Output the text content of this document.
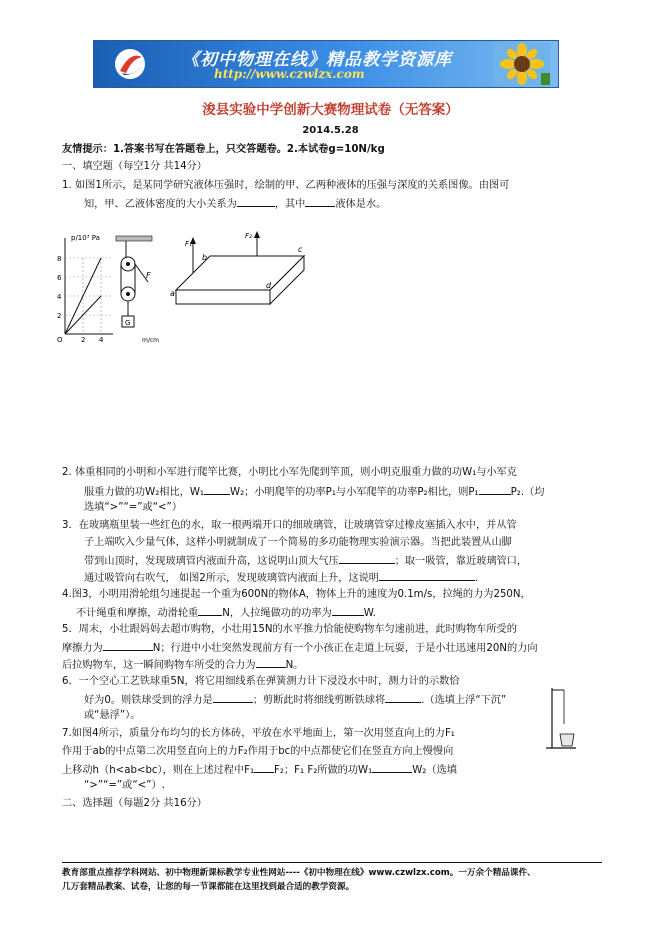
《初中物理在线》精品教学资源库
http://www.czwlzx.com
浚县实验中学创新大赛物理试卷（无答案）
2014.5.28
友情提示：1.答案书写在答题卷上，只交答题卷。2.本试卷g=10N/kg
一、填空题（每空1分 共14分）
1. 如图1所示，是某同学研究液体压强时，绘制的甲、乙两种液体的压强与深度的关系图像。由图可
知，甲、乙液体密度的大小关系为	，其中	液体是水。
p/10³ Pa
8
6
4
2
2 4
O
F
G
m/cm
F₁
F₂
a
b
c
d
2. 体重相同的小明和小军进行爬竿比赛，小明比小军先爬到竿顶，则小明克服重力做的功W₁与小军克
服重力做的功W₂相比，W₁	W₂；小明爬竿的功率P₁与小军爬竿的功率P₂相比，则P₁	P₂.（均
选填“>”“=”或“<”）
3．在玻璃瓶里装一些红色的水，取一根两端开口的细玻璃管，让玻璃管穿过橡皮塞插入水中，并从管
子上端吹入少量气体，这样小明就制成了一个简易的多功能物理实验演示器。当把此装置从山脚
带到山顶时，发现玻璃管内液面升高，这说明山顶大气压	；取一吸管，靠近玻璃管口，
通过吸管向右吹气， 如图2所示，发现玻璃管内液面上升，这说明	.
4.图3，小明用滑轮组匀速提起一个重为600N的物体A，物体上升的速度为0.1m/s，拉绳的力为250N，
不计绳重和摩擦，动滑轮重 N，人拉绳做功的功率为	W.
5．周末，小壮跟妈妈去超市购物，小壮用15N的水平推力恰能使购物车匀速前进，此时购物车所受的
摩擦力为	N；行进中小壮突然发现前方有一个小孩正在走道上玩耍，于是小壮迅速用20N的力向
后拉购物车，这一瞬间购物车所受的合力为	N。
6．一个空心工艺铁球重5N，将它用细线系在弹簧测力计下浸没水中时，测力计的示数恰
好为0。则铁球受到的浮力是	；剪断此时将细线剪断铁球将	.（选填上浮“下沉”
或“悬浮”）。
7.如图4所示，质量分布均匀的长方体砖，平放在水平地面上，第一次用竖直向上的力F₁
作用于ab的中点第二次用竖直向上的力F₂作用于bc的中点都使它们在竖直方向上慢慢向
上移动h（h<ab<bc），则在上述过程中F₁ F₂；F₁ F₂所做的功W₁	W₂（选填
“>”“=”或“<”）.
二、选择题（每题2分 共16分）
教育部重点推荐学科网站、初中物理新课标教学专业性网站----《初中物理在线》www.czwlzx.com。一万余个精品课件、
几万套精品教案、试卷，让您的每一节课都能在这里找到最合适的教学资源。
